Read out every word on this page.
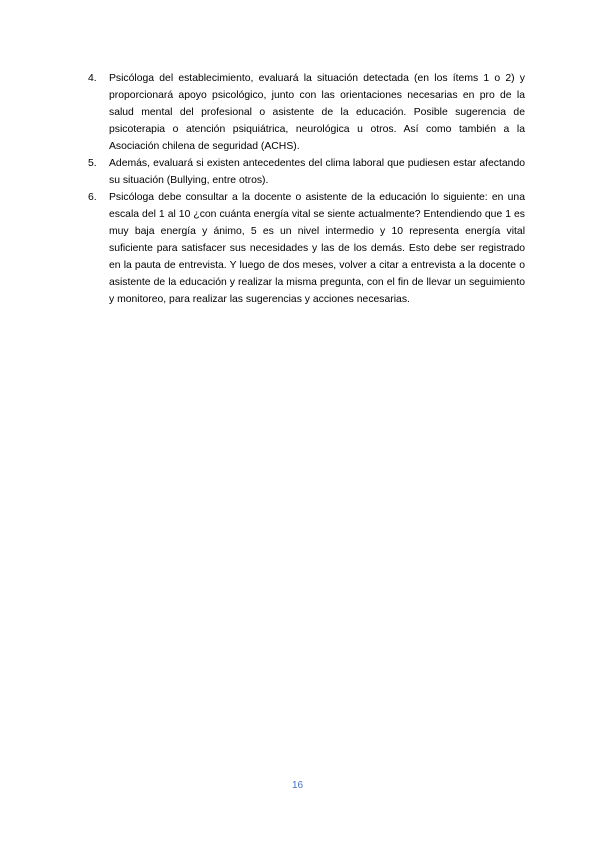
4.	Psicóloga del establecimiento, evaluará la situación detectada (en los ítems 1 o 2) y proporcionará apoyo psicológico, junto con las orientaciones necesarias en pro de la salud mental del profesional o asistente de la educación. Posible sugerencia de psicoterapia o atención psiquiátrica, neurológica u otros. Así como también a la Asociación chilena de seguridad (ACHS).
5.	Además, evaluará si existen antecedentes del clima laboral que pudiesen estar afectando su situación (Bullying, entre otros).
6.	Psicóloga debe consultar a la docente o asistente de la educación lo siguiente: en una escala del 1 al 10 ¿con cuánta energía vital se siente actualmente? Entendiendo que 1 es muy baja energía y ánimo, 5 es un nivel intermedio y 10 representa energía vital suficiente para satisfacer sus necesidades y las de los demás. Esto debe ser registrado en la pauta de entrevista. Y luego de dos meses, volver a citar a entrevista a la docente o asistente de la educación y realizar la misma pregunta, con el fin de llevar un seguimiento y monitoreo, para realizar las sugerencias y acciones necesarias.
16
